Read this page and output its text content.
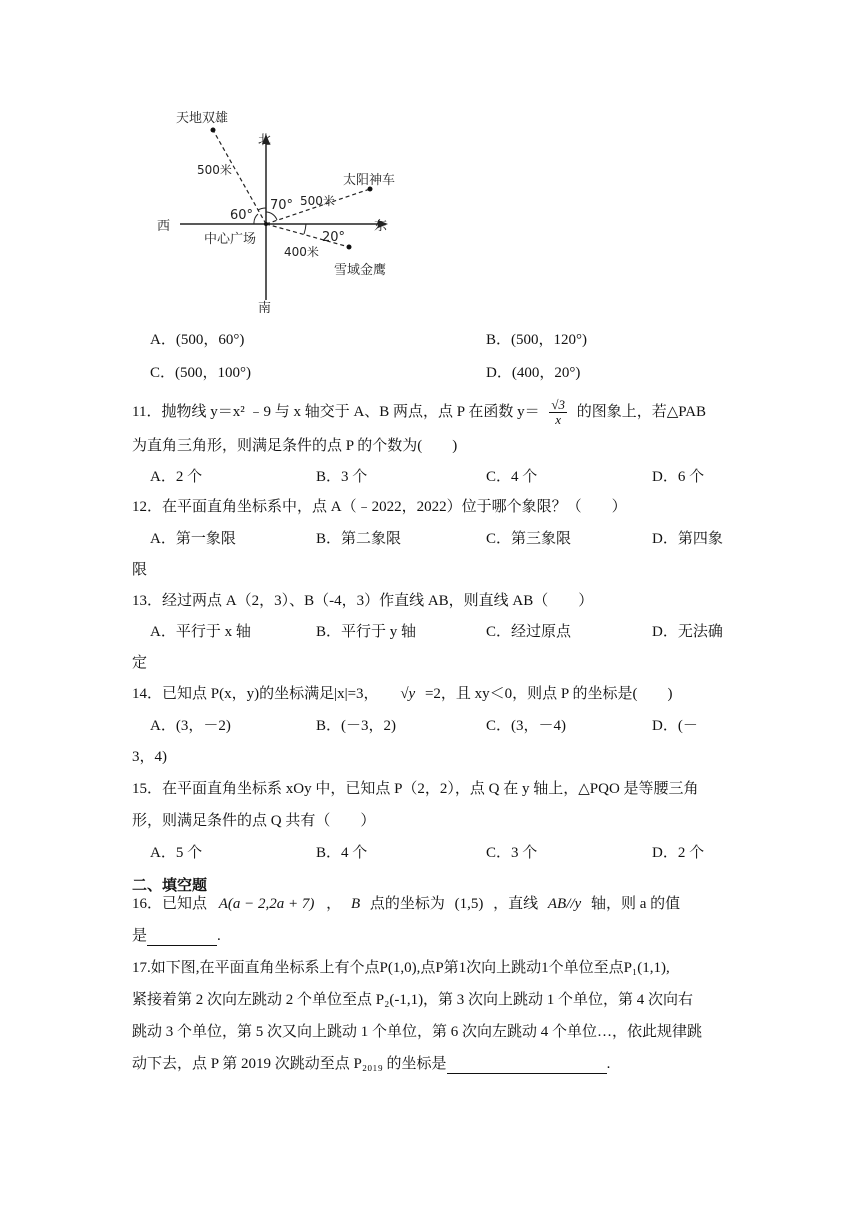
北
南
东
西
中心广场
天地双雄
太阳神车
雪域金鹰
500米
500米
400米
60°
70°
20°
A．(500，60°)	B．(500，120°)
C．(500，100°)	D．(400，20°)
11．抛物线 y＝x² ﹣9 与 x 轴交于 A、B 两点，点 P 在函数 $y= \frac{√3}{x}$ 的图象上，若△PAB
为直角三角形，则满足条件的点 P 的个数为(　　)
A．2 个	B．3 个	C．4 个	D．6 个
12．在平面直角坐标系中，点 A（﹣2022，2022）位于哪个象限？（　　）
A．第一象限	B．第二象限	C．第三象限	D．第四象
限
13．经过两点 A（2，3）、B（-4，3）作直线 AB，则直线 AB（　　）
A．平行于 x 轴	B．平行于 y 轴	C．经过原点	D．无法确
定
14．已知点 P(x，y)的坐标满足|x|=3， √y =2，且 xy＜0，则点 P 的坐标是(　　)
A．(3，－2)	B．(－3，2)	C．(3，－4)	D．(－
3，4)
15．在平面直角坐标系 xOy 中，已知点 P（2，2），点 Q 在 y 轴上，△PQO 是等腰三角
形，则满足条件的点 Q 共有（　　）
A．5 个	B．4 个	C．3 个	D．2 个
二、填空题
16．已知点 A(a − 2,2a + 7) ， B 点的坐标为 (1,5) ，直线 AB//y 轴，则 a 的值
是	.
17.如下图,在平面直角坐标系上有个点P(1,0),点P第1次向上跳动1个单位至点P₁(1,1),
紧接着第 2 次向左跳动 2 个单位至点 P₂(-1,1)，第 3 次向上跳动 1 个单位，第 4 次向右
跳动 3 个单位，第 5 次又向上跳动 1 个单位，第 6 次向左跳动 4 个单位…，依此规律跳
动下去，点 P 第 2019 次跳动至点 P₂₀₁₉ 的坐标是	.
